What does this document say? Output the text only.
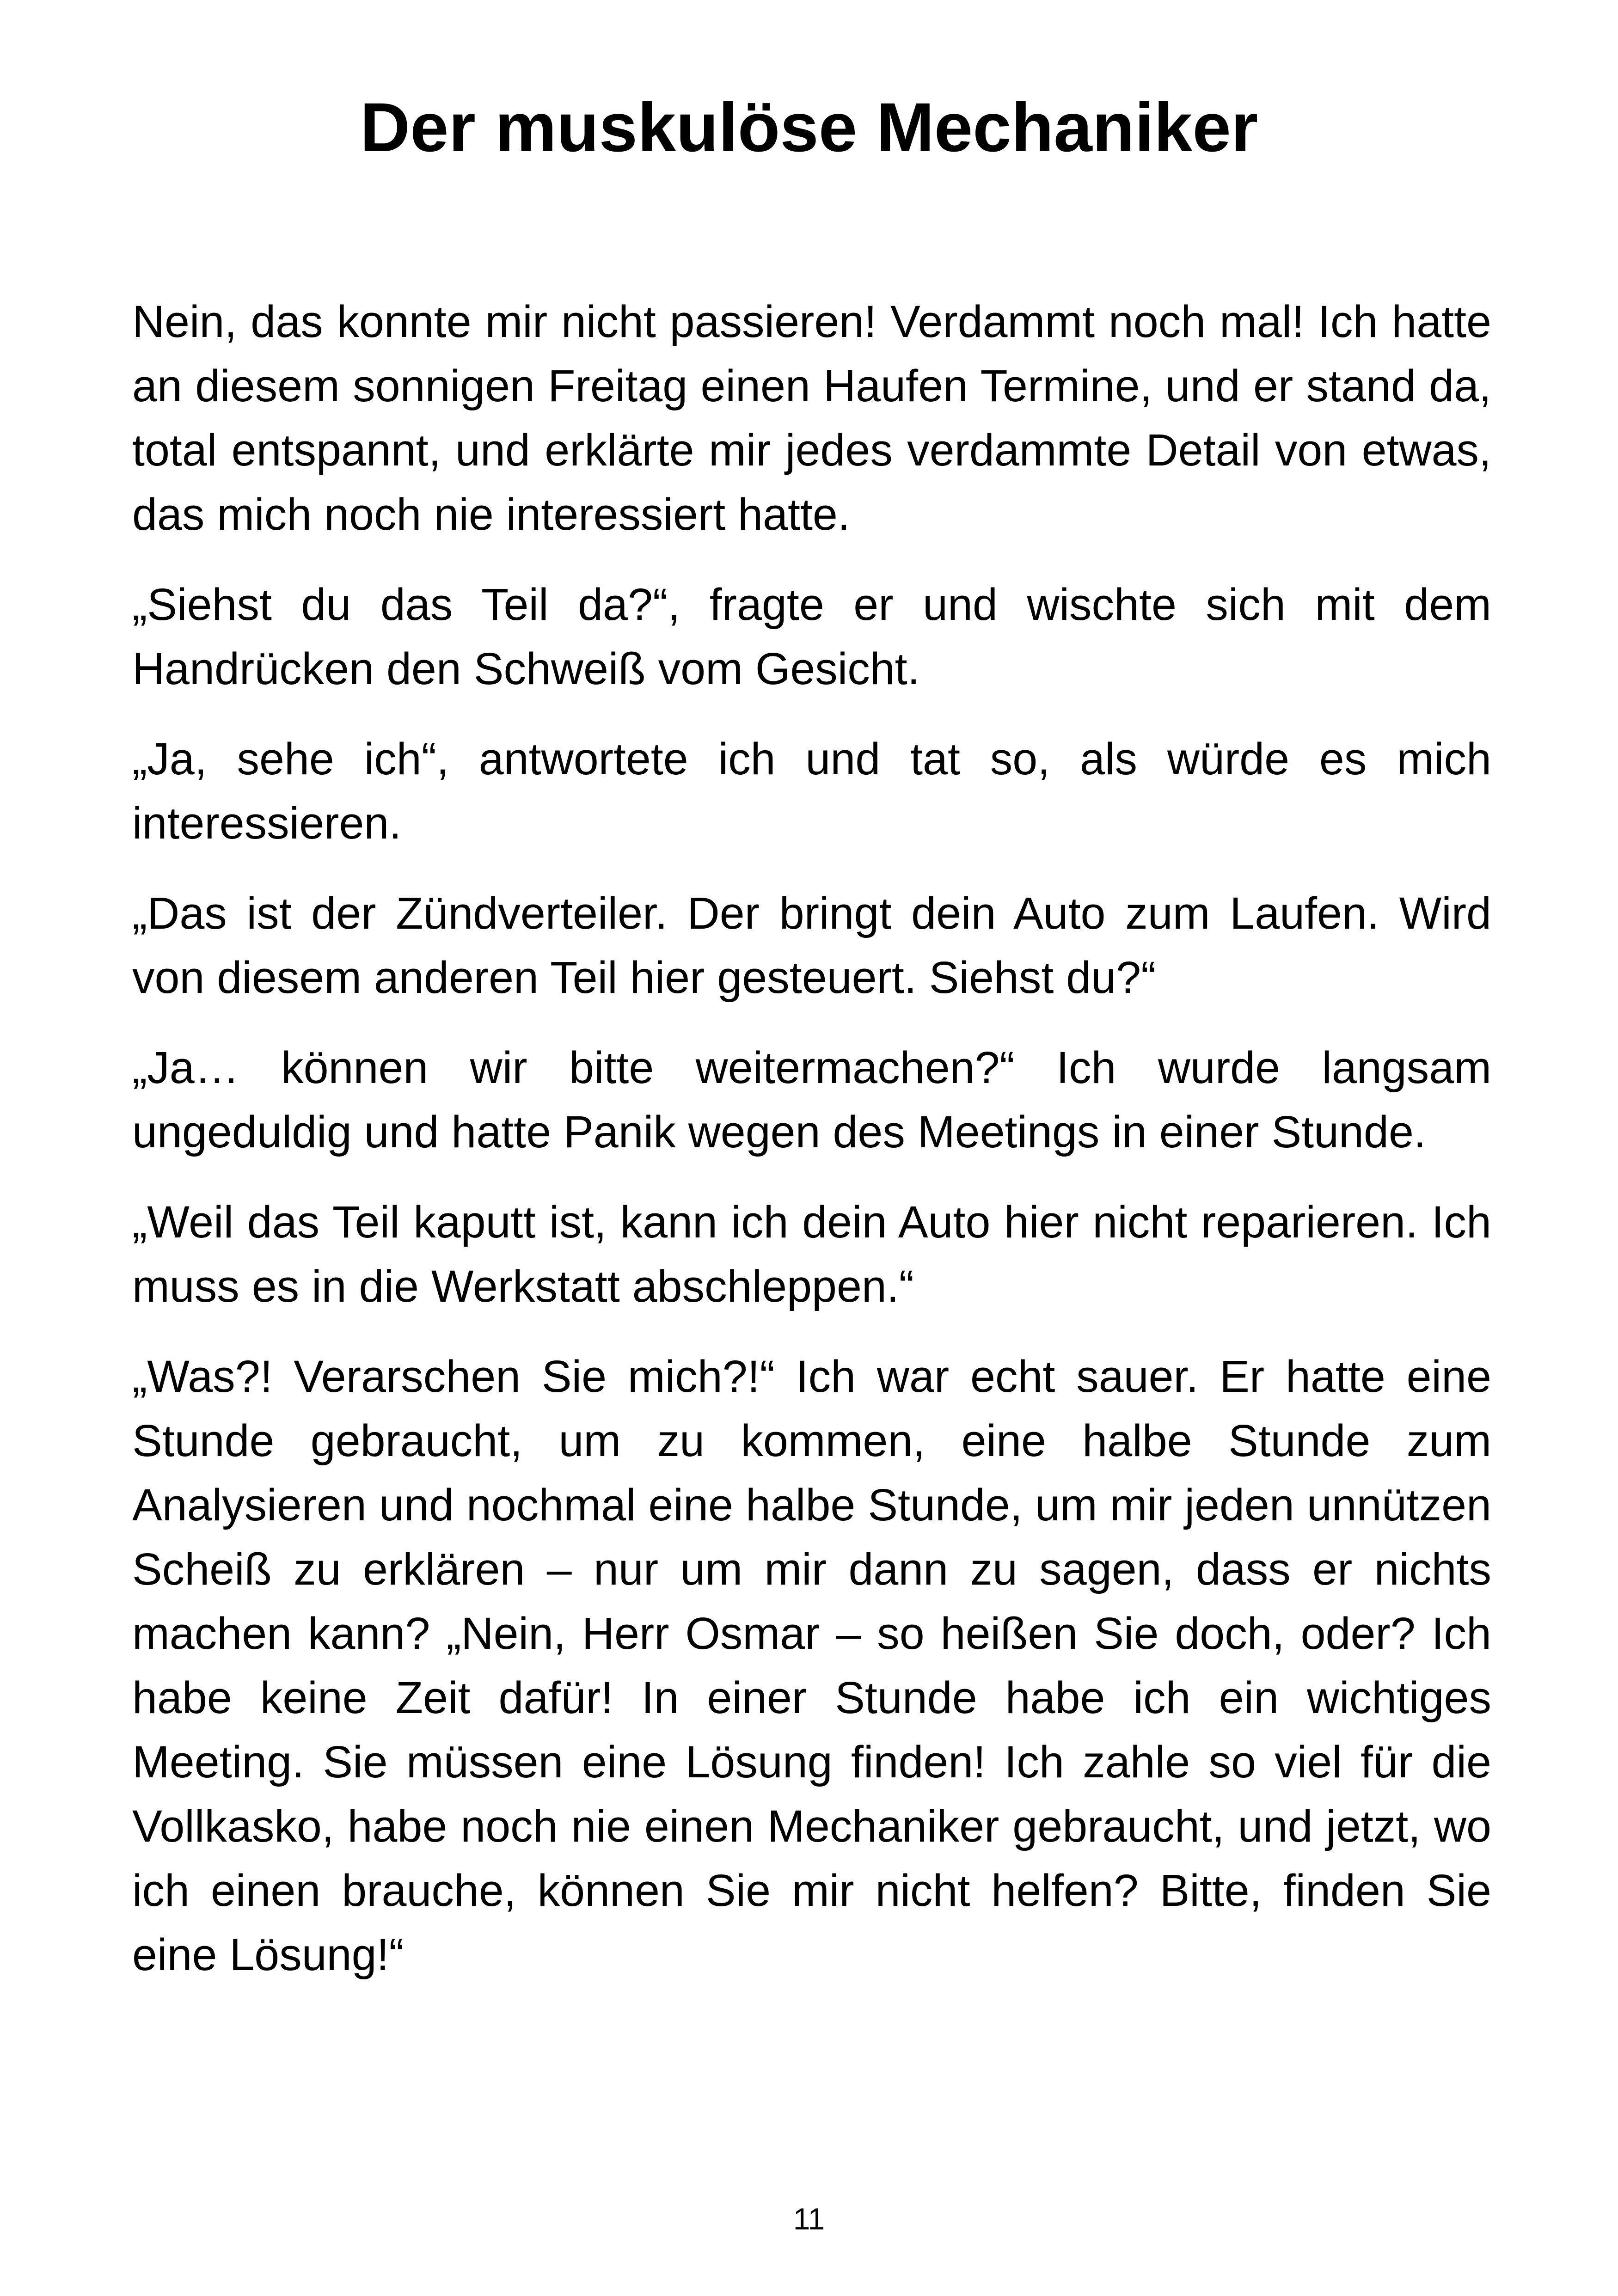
Der muskulöse Mechaniker

Nein, das konnte mir nicht passieren! Verdammt noch mal! Ich hatte an diesem sonnigen Freitag einen Haufen Termine, und er stand da, total entspannt, und erklärte mir jedes verdammte Detail von etwas, das mich noch nie interessiert hatte.

„Siehst du das Teil da?“, fragte er und wischte sich mit dem Handrücken den Schweiß vom Gesicht.

„Ja, sehe ich“, antwortete ich und tat so, als würde es mich interessieren.

„Das ist der Zündverteiler. Der bringt dein Auto zum Laufen. Wird von diesem anderen Teil hier gesteuert. Siehst du?“

„Ja… können wir bitte weitermachen?“ Ich wurde langsam ungeduldig und hatte Panik wegen des Meetings in einer Stunde.

„Weil das Teil kaputt ist, kann ich dein Auto hier nicht reparieren. Ich muss es in die Werkstatt abschleppen.“

„Was?! Verarschen Sie mich?!“ Ich war echt sauer. Er hatte eine Stunde gebraucht, um zu kommen, eine halbe Stunde zum Analysieren und nochmal eine halbe Stunde, um mir jeden unnützen Scheiß zu erklären – nur um mir dann zu sagen, dass er nichts machen kann? „Nein, Herr Osmar – so heißen Sie doch, oder? Ich habe keine Zeit dafür! In einer Stunde habe ich ein wichtiges Meeting. Sie müssen eine Lösung finden! Ich zahle so viel für die Vollkasko, habe noch nie einen Mechaniker gebraucht, und jetzt, wo ich einen brauche, können Sie mir nicht helfen? Bitte, finden Sie eine Lösung!“

11
